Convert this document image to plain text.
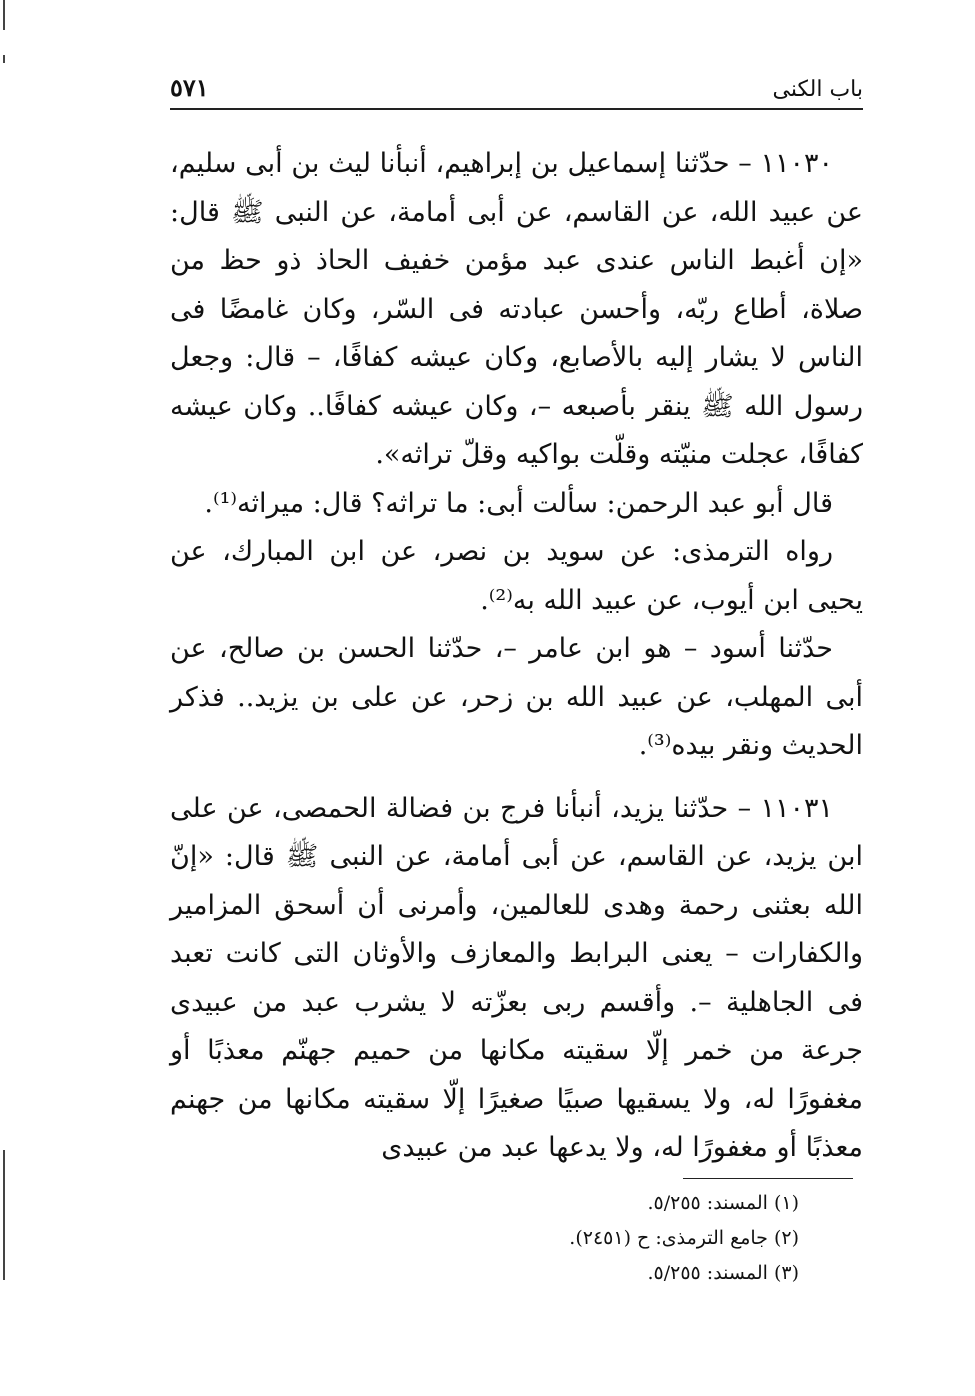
باب الكنى
٥٧١

١١٠٣٠ – حدّثنا إسماعيل بن إبراهيم، أنبأنا ليث بن أبى سليم، عن عبيد الله، عن القاسم، عن أبى أمامة، عن النبى ﷺ قال: «إن أغبط الناس عندى عبد مؤمن خفيف الحاذ ذو حظ من صلاة، أطاع ربّه، وأحسن عبادته فى السّر، وكان غامضًا فى الناس لا يشار إليه بالأصابع، وكان عيشه كفافًا، – قال: وجعل رسول الله ﷺ ينقر بأصبعه –، وكان عيشه كفافًا.. وكان عيشه كفافًا، عجلت منيّته وقلّت بواكيه وقلّ تراثه».

قال أبو عبد الرحمن: سألت أبى: ما تراثه؟ قال: ميراثه⁽¹⁾.

رواه الترمذى: عن سويد بن نصر، عن ابن المبارك، عن يحيى ابن أيوب، عن عبيد الله به⁽²⁾.

حدّثنا أسود – هو ابن عامر –، حدّثنا الحسن بن صالح، عن أبى المهلب، عن عبيد الله بن زحر، عن على بن يزيد.. فذكر الحديث ونقر بيده⁽³⁾.

١١٠٣١ – حدّثنا يزيد، أنبأنا فرج بن فضالة الحمصى، عن على ابن يزيد، عن القاسم، عن أبى أمامة، عن النبى ﷺ قال: «إنّ الله بعثنى رحمة وهدى للعالمين، وأمرنى أن أسحق المزامير والكفارات – يعنى البرابط والمعازف والأوثان التى كانت تعبد فى الجاهلية –. وأقسم ربى بعزّته لا يشرب عبد من عبيدى جرعة من خمر إلّا سقيته مكانها من حميم جهنّم معذبًا أو مغفورًا له، ولا يسقيها صبيًا صغيرًا إلّا سقيته مكانها من جهنم معذبًا أو مغفورًا له، ولا يدعها عبد من عبيدى

(١) المسند: ٥/٢٥٥.

(٢) جامع الترمذى: ح (٢٤٥١).

(٣) المسند: ٥/٢٥٥.
